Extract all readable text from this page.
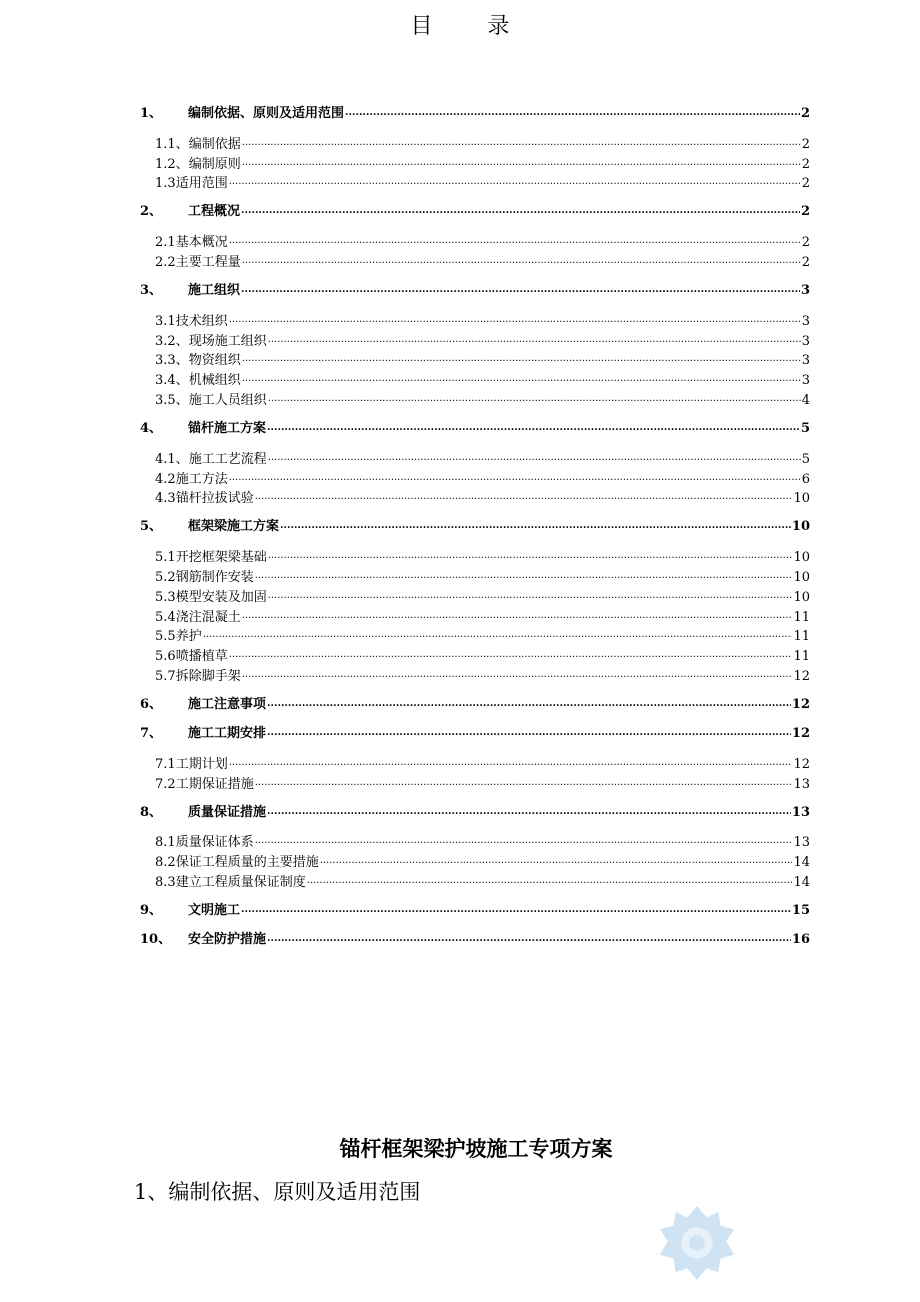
目 录
1、	编制依据、原则及适用范围 .....	2
1.1、 编制依据 .....	2
1.2、 编制原则 .....	2
1.3 适用范围 .....	2
2、	工程概况 .....	2
2.1 基本概况 .....	2
2.2 主要工程量 .....	2
3、	施工组织 .....	3
3.1 技术组织 .....	3
3.2、 现场施工组织 .....	3
3.3、 物资组织 .....	3
3.4、 机械组织 .....	3
3.5、 施工人员组织 .....	4
4、	锚杆施工方案 .....	5
4.1、 施工工艺流程 .....	5
4.2 施工方法 .....	6
4.3 锚杆拉拔试验 .....	10
5、	框架梁施工方案 .....	10
5.1 开挖框架梁基础 .....	10
5.2 钢筋制作安装 .....	10
5.3 模型安装及加固 .....	10
5.4 浇注混凝土 .....	11
5.5 养护 .....	11
5.6 喷播植草 .....	11
5.7 拆除脚手架 .....	12
6、	施工注意事项 .....	12
7、	施工工期安排 .....	12
7.1 工期计划 .....	12
7.2 工期保证措施 .....	13
8、	质量保证措施 .....	13
8.1 质量保证体系 .....	13
8.2 保证工程质量的主要措施 .....	14
8.3 建立工程质量保证制度 .....	14
9、	文明施工 .....	15
10、	安全防护措施 .....	16
锚杆框架梁护坡施工专项方案
1、编制依据、原则及适用范围
